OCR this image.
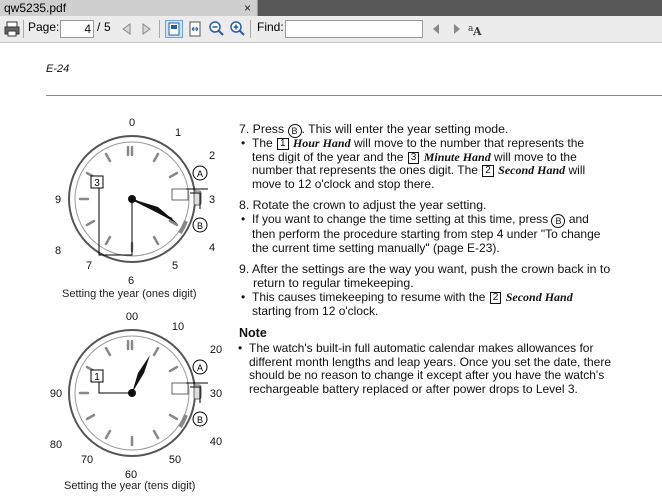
qw5235.pdf	×
Page:	4 / 5	Find:	a A
E-24
3
0
1
2
3
4
5
6
7
8
9
A
B
Setting the year (ones digit)
1
00
10
20
30
40
50
60
70
80
90
A
B
Setting the year (tens digit)
7. Press B . This will enter the year setting mode.
• The 1 Hour Hand will move to the number that represents the
tens digit of the year and the 3 Minute Hand will move to the
number that represents the ones digit. The 2 Second Hand will
move to 12 o'clock and stop there.
8. Rotate the crown to adjust the year setting.
• If you want to change the time setting at this time, press B and
then perform the procedure starting from step 4 under "To change
the current time setting manually" (page E-23).
9. After the settings are the way you want, push the crown back in to
return to regular timekeeping.
• This causes timekeeping to resume with the 2 Second Hand
starting from 12 o'clock.
Note
• The watch's built-in full automatic calendar makes allowances for
different month lengths and leap years. Once you set the date, there
should be no reason to change it except after you have the watch's
rechargeable battery replaced or after power drops to Level 3.
